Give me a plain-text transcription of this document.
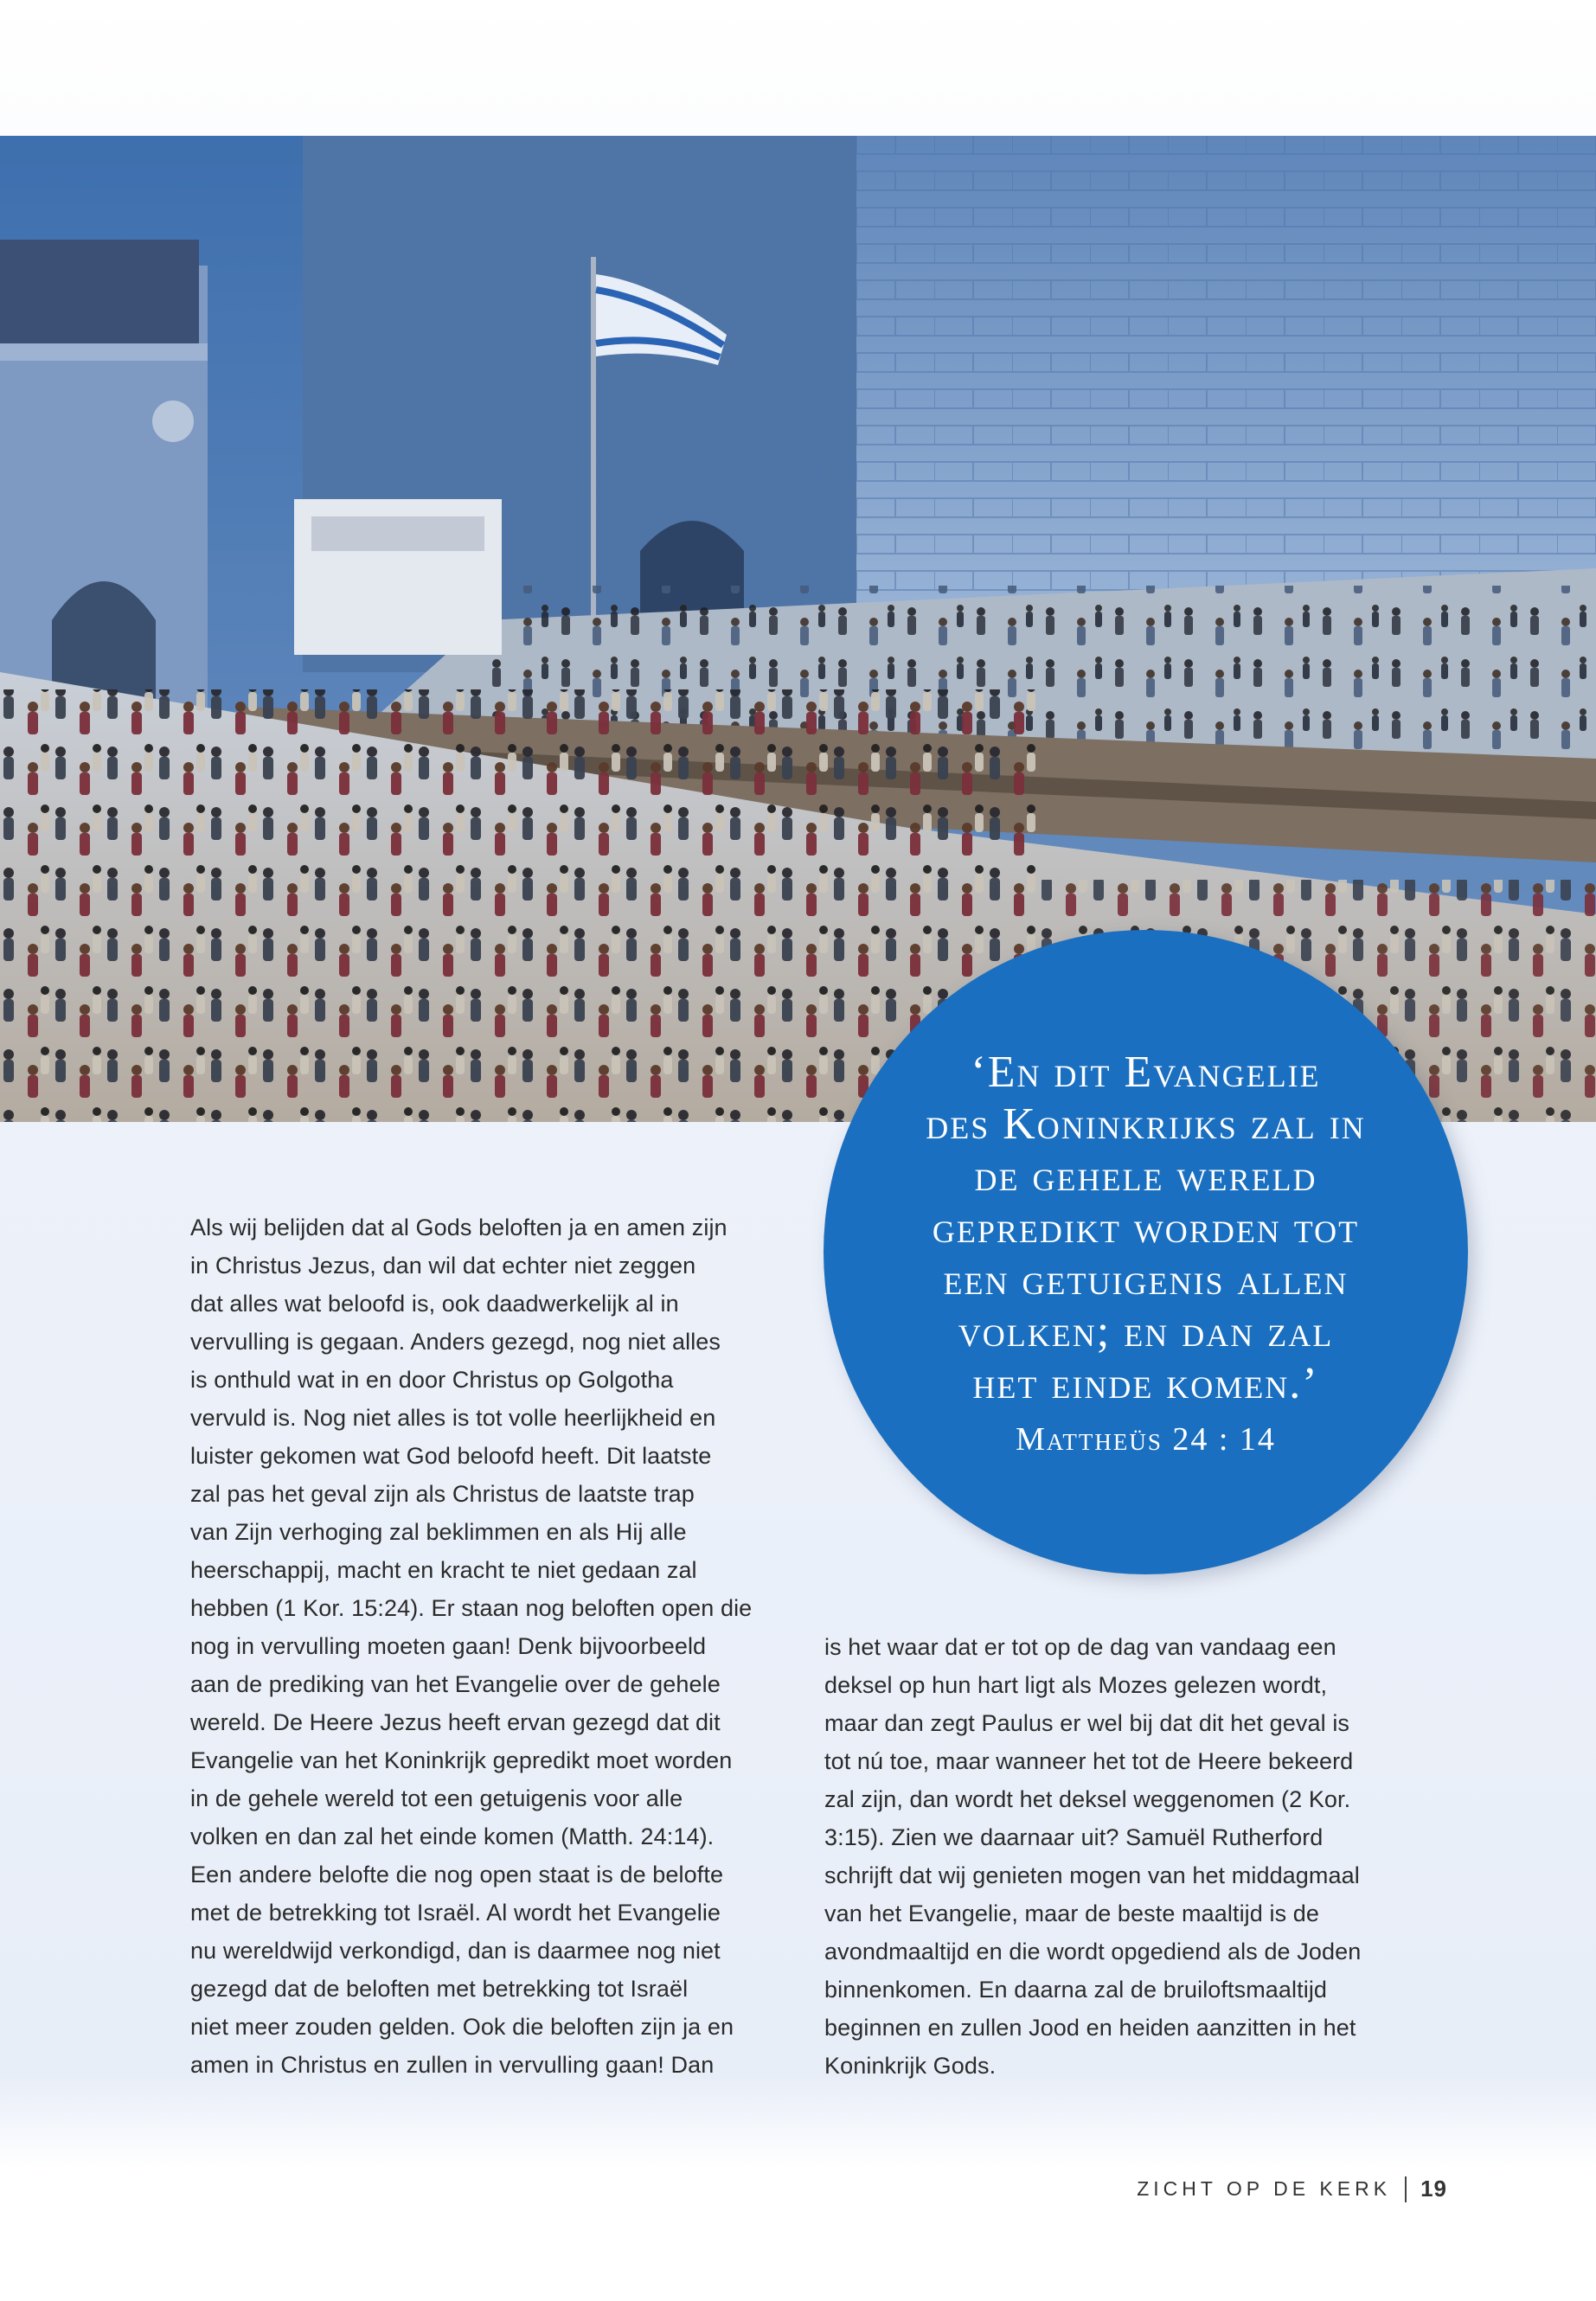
Als wij belijden dat al Gods beloften ja en amen zijn
in Christus Jezus, dan wil dat echter niet zeggen
dat alles wat beloofd is, ook daadwerkelijk al in
vervulling is gegaan. Anders gezegd, nog niet alles
is onthuld wat in en door Christus op Golgotha
vervuld is. Nog niet alles is tot volle heerlijkheid en
luister gekomen wat God beloofd heeft. Dit laatste
zal pas het geval zijn als Christus de laatste trap
van Zijn verhoging zal beklimmen en als Hij alle
heerschappij, macht en kracht te niet gedaan zal
hebben (1 Kor. 15:24). Er staan nog beloften open die
nog in vervulling moeten gaan! Denk bijvoorbeeld
aan de prediking van het Evangelie over de gehele
wereld. De Heere Jezus heeft ervan gezegd dat dit
Evangelie van het Koninkrijk gepredikt moet worden
in de gehele wereld tot een getuigenis voor alle
volken en dan zal het einde komen (Matth. 24:14).
Een andere belofte die nog open staat is de belofte
met de betrekking tot Israël. Al wordt het Evangelie
nu wereldwijd verkondigd, dan is daarmee nog niet
gezegd dat de beloften met betrekking tot Israël
niet meer zouden gelden. Ook die beloften zijn ja en
amen in Christus en zullen in vervulling gaan! Dan

is het waar dat er tot op de dag van vandaag een
deksel op hun hart ligt als Mozes gelezen wordt,
maar dan zegt Paulus er wel bij dat dit het geval is
tot nú toe, maar wanneer het tot de Heere bekeerd
zal zijn, dan wordt het deksel weggenomen (2 Kor.
3:15). Zien we daarnaar uit? Samuël Rutherford
schrijft dat wij genieten mogen van het middagmaal
van het Evangelie, maar de beste maaltijd is de
avondmaaltijd en die wordt opgediend als de Joden
binnenkomen. En daarna zal de bruiloftsmaaltijd
beginnen en zullen Jood en heiden aanzitten in het
Koninkrijk Gods.

‘En dit Evangelie
des Koninkrijks zal in
de gehele wereld
gepredikt worden tot
een getuigenis allen
volken; en dan zal
het einde komen.’

Mattheüs 24 : 14
ZICHT OP DE KERK 19
